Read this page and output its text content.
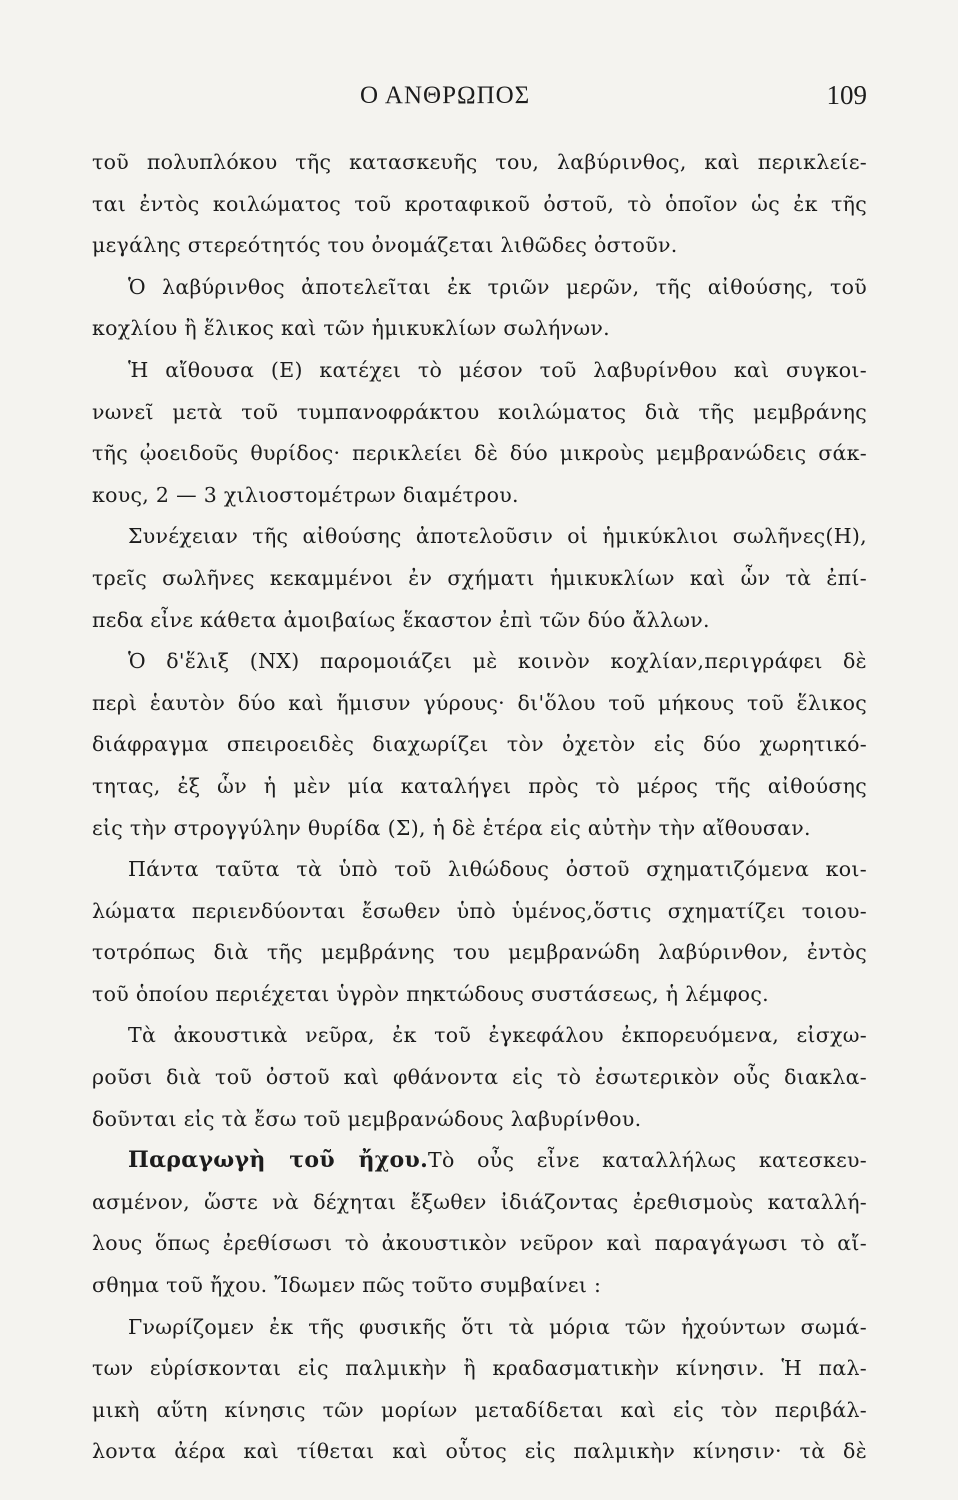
Ο ΑΝΘΡΩΠΟΣ	109
τοῦ πολυπλόκου τῆς κατασκευῆς του, λαβύρινθος, καὶ περικλείε-
ται ἐντὸς κοιλώματος τοῦ κροταφικοῦ ὀστοῦ, τὸ ὁποῖον ὡς ἐκ τῆς
μεγάλης στερεότητός του ὀνομάζεται λιθῶδες ὀστοῦν.
Ὁ λαβύρινθος ἀποτελεῖται ἐκ τριῶν μερῶν, τῆς αἰθούσης, τοῦ
κοχλίου ἢ ἕλικος καὶ τῶν ἡμικυκλίων σωλήνων.
Ἡ αἴθουσα (Ε) κατέχει τὸ μέσον τοῦ λαβυρίνθου καὶ συγκοι-
νωνεῖ μετὰ τοῦ τυμπανοφράκτου κοιλώματος διὰ τῆς μεμβράνης
τῆς ᾠοειδοῦς θυρίδος· περικλείει δὲ δύο μικροὺς μεμβρανώδεις σάκ-
κους, 2 — 3 χιλιοστομέτρων διαμέτρου.
Συνέχειαν τῆς αἰθούσης ἀποτελοῦσιν οἱ ἡμικύκλιοι σωλῆνες(Η),
τρεῖς σωλῆνες κεκαμμένοι ἐν σχήματι ἡμικυκλίων καὶ ὧν τὰ ἐπί-
πεδα εἶνε κάθετα ἀμοιβαίως ἕκαστον ἐπὶ τῶν δύο ἄλλων.
Ὁ δ'ἕλιξ (ΝΧ) παρομοιάζει μὲ κοινὸν κοχλίαν,περιγράφει δὲ
περὶ ἑαυτὸν δύο καὶ ἥμισυν γύρους· δι'ὅλου τοῦ μήκους τοῦ ἕλικος
διάφραγμα σπειροειδὲς διαχωρίζει τὸν ὀχετὸν εἰς δύο χωρητικό-
τητας, ἐξ ὧν ἡ μὲν μία καταλήγει πρὸς τὸ μέρος τῆς αἰθούσης
εἰς τὴν στρογγύλην θυρίδα (Σ), ἡ δὲ ἑτέρα εἰς αὐτὴν τὴν αἴθουσαν.
Πάντα ταῦτα τὰ ὑπὸ τοῦ λιθώδους ὀστοῦ σχηματιζόμενα κοι-
λώματα περιενδύονται ἔσωθεν ὑπὸ ὑμένος,ὅστις σχηματίζει τοιου-
τοτρόπως διὰ τῆς μεμβράνης του μεμβρανώδη λαβύρινθον, ἐντὸς
τοῦ ὁποίου περιέχεται ὑγρὸν πηκτώδους συστάσεως, ἡ λέμφος.
Τὰ ἀκουστικὰ νεῦρα, ἐκ τοῦ ἐγκεφάλου ἐκπορευόμενα, εἰσχω-
ροῦσι διὰ τοῦ ὀστοῦ καὶ φθάνοντα εἰς τὸ ἐσωτερικὸν οὖς διακλα-
δοῦνται εἰς τὰ ἔσω τοῦ μεμβρανώδους λαβυρίνθου.
Παραγωγὴ τοῦ ἤχου.Τὸ οὖς εἶνε καταλλήλως κατεσκευ-
ασμένον, ὥστε νὰ δέχηται ἔξωθεν ἰδιάζοντας ἐρεθισμοὺς καταλλή-
λους ὅπως ἐρεθίσωσι τὸ ἀκουστικὸν νεῦρον καὶ παραγάγωσι τὸ αἴ-
σθημα τοῦ ἤχου. Ἴδωμεν πῶς τοῦτο συμβαίνει :
Γνωρίζομεν ἐκ τῆς φυσικῆς ὅτι τὰ μόρια τῶν ἠχούντων σωμά-
των εὑρίσκονται εἰς παλμικὴν ἢ κραδασματικὴν κίνησιν. Ἡ παλ-
μικὴ αὕτη κίνησις τῶν μορίων μεταδίδεται καὶ εἰς τὸν περιβάλ-
λοντα ἀέρα καὶ τίθεται καὶ οὗτος εἰς παλμικὴν κίνησιν· τὰ δὲ
